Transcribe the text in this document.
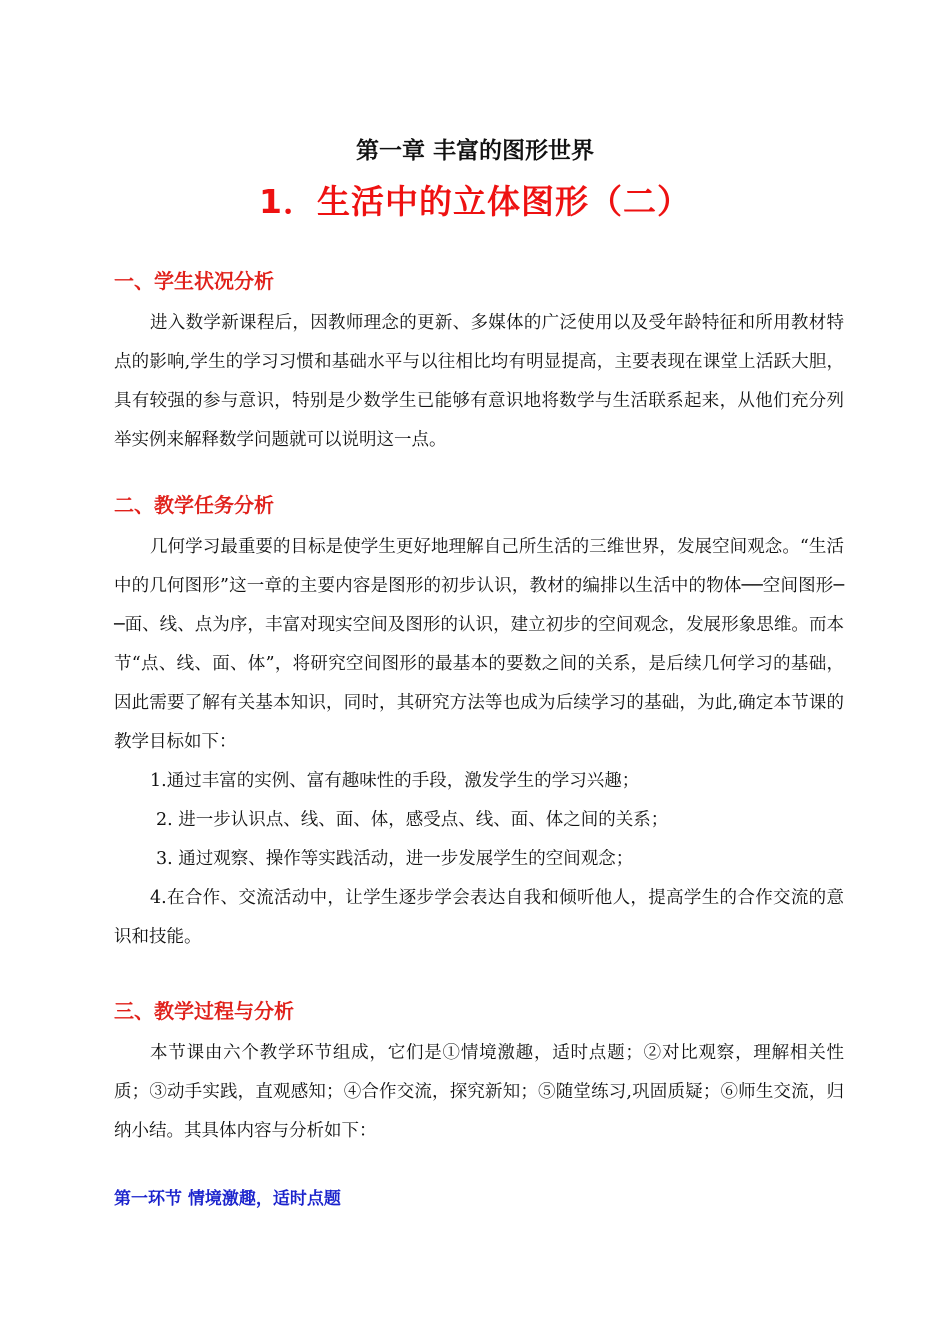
第一章 丰富的图形世界
1．生活中的立体图形（二）
一、学生状况分析

进入数学新课程后，因教师理念的更新、多媒体的广泛使用以及受年龄特征和所用教材特点的影响,学生的学习习惯和基础水平与以往相比均有明显提高，主要表现在课堂上活跃大胆，具有较强的参与意识，特别是少数学生已能够有意识地将数学与生活联系起来，从他们充分列举实例来解释数学问题就可以说明这一点。

二、教学任务分析

几何学习最重要的目标是使学生更好地理解自己所生活的三维世界，发展空间观念。“生活中的几何图形”这一章的主要内容是图形的初步认识，教材的编排以生活中的物体──空间图形──面、线、点为序，丰富对现实空间及图形的认识，建立初步的空间观念，发展形象思维。而本节“点、线、面、体”，将研究空间图形的最基本的要数之间的关系，是后续几何学习的基础，因此需要了解有关基本知识，同时，其研究方法等也成为后续学习的基础，为此,确定本节课的教学目标如下：

1.通过丰富的实例、富有趣味性的手段，激发学生的学习兴趣；

2. 进一步认识点、线、面、体，感受点、线、面、体之间的关系；

3. 通过观察、操作等实践活动，进一步发展学生的空间观念；

4.在合作、交流活动中，让学生逐步学会表达自我和倾听他人，提高学生的合作交流的意识和技能。

三、教学过程与分析

本节课由六个教学环节组成，它们是①情境激趣，适时点题；②对比观察，理解相关性质；③动手实践，直观感知；④合作交流，探究新知；⑤随堂练习,巩固质疑；⑥师生交流，归纳小结。其具体内容与分析如下：

第一环节 情境激趣，适时点题
